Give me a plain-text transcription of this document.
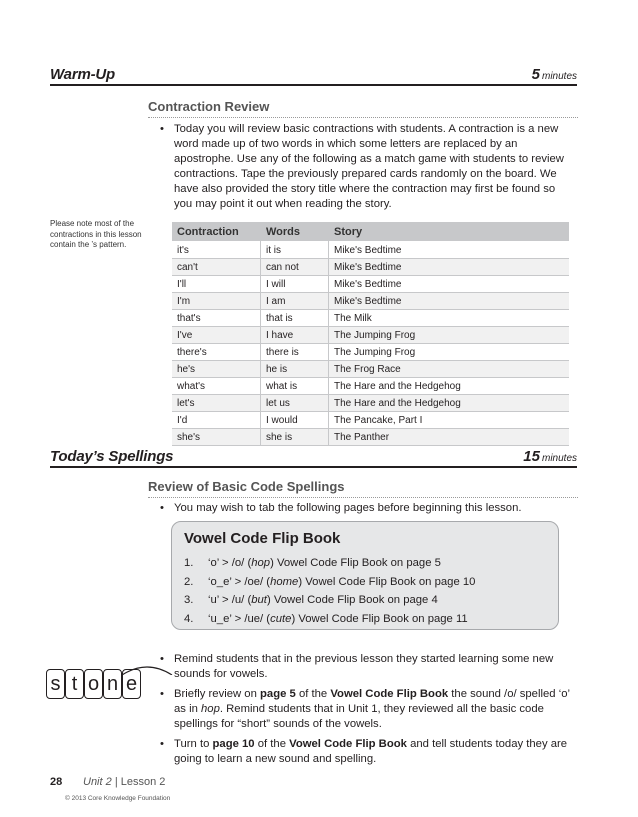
Warm-Up	5 minutes
Contraction Review
• Today you will review basic contractions with students. A contraction is a new word made up of two words in which some letters are replaced by an apostrophe. Use any of the following as a match game with students to review contractions. Tape the previously prepared cards randomly on the board. We have also provided the story title where the contraction may first be found so you may point it out when reading the story.
Please note most of the contractions in this lesson contain the ’s pattern.
Contraction	Words	Story
it's	it is	Mike's Bedtime
can't	can not	Mike's Bedtime
I'll	I will	Mike's Bedtime
I'm	I am	Mike's Bedtime
that's	that is	The Milk
I've	I have	The Jumping Frog
there's	there is	The Jumping Frog
he's	he is	The Frog Race
what's	what is	The Hare and the Hedgehog
let's	let us	The Hare and the Hedgehog
I'd	I would	The Pancake, Part I
she's	she is	The Panther
Today’s Spellings	15 minutes
Review of Basic Code Spellings
• You may wish to tab the following pages before beginning this lesson.
Vowel Code Flip Book
1. ‘o’ > /o/ (hop) Vowel Code Flip Book on page 5
2. ‘o_e’ > /oe/ (home) Vowel Code Flip Book on page 10
3. ‘u’ > /u/ (but) Vowel Code Flip Book on page 4
4. ‘u_e’ > /ue/ (cute) Vowel Code Flip Book on page 11
s t o n e
• Remind students that in the previous lesson they started learning some new sounds for vowels.
• Briefly review on page 5 of the Vowel Code Flip Book the sound /o/ spelled ‘o’ as in hop. Remind students that in Unit 1, they reviewed all the basic code spellings for “short” sounds of the vowels.
• Turn to page 10 of the Vowel Code Flip Book and tell students today they are going to learn a new sound and spelling.
28 Unit 2 | Lesson 2
© 2013 Core Knowledge Foundation
